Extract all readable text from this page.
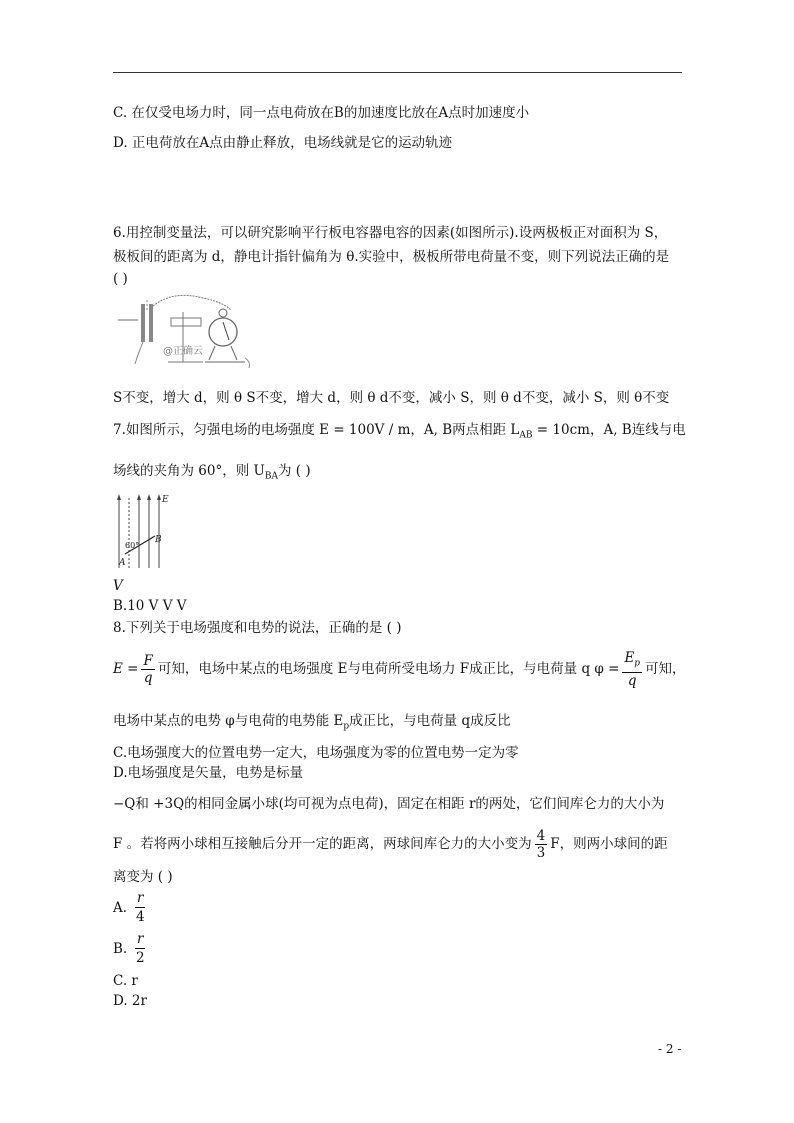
C. 在仅受电场力时，同一点电荷放在B的加速度比放在A点时加速度小
D. 正电荷放在A点由静止释放，电场线就是它的运动轨迹
6.用控制变量法，可以研究影响平行板电容器电容的因素(如图所示).设两极板正对面积为 S，
极板间的距离为 d，静电计指针偏角为 θ.实验中，极板所带电荷量不变，则下列说法正确的是
( )
@正确云
S不变，增大 d，则 θ S不变，增大 d，则 θ d不变，减小 S，则 θ d不变，减小 S，则 θ不变
7.如图所示，匀强电场的电场强度 E = 100V / m，A, B两点相距 $L_{AB} = 10cm$，A, B连线与电
场线的夹角为 60°，则 $U_{BA}$为 ( )
E
A
B
60°
V
B.10 V V V
8.下列关于电场强度和电势的说法，正确的是 ( )
$E = \frac{F}{q}$ 可知，电场中某点的电场强度 E与电荷所受电场力 F成正比，与电荷量 q $\varphi = \frac{E_p}{q}$ 可知，
电场中某点的电势 φ与电荷的电势能 $E_p$成正比，与电荷量 q成反比
C.电场强度大的位置电势一定大，电场强度为零的位置电势一定为零
D.电场强度是矢量，电势是标量
−Q和 +3Q的相同金属小球(均可视为点电荷)，固定在相距 r的两处，它们间库仑力的大小为
F 。若将两小球相互接触后分开一定的距离，两球间库仑力的大小变为 $\frac{4}{3}$ F，则两小球间的距
离变为 ( )
A. $\frac{r}{4}$
B. $\frac{r}{2}$
C. r
D. 2r
- 2 -
